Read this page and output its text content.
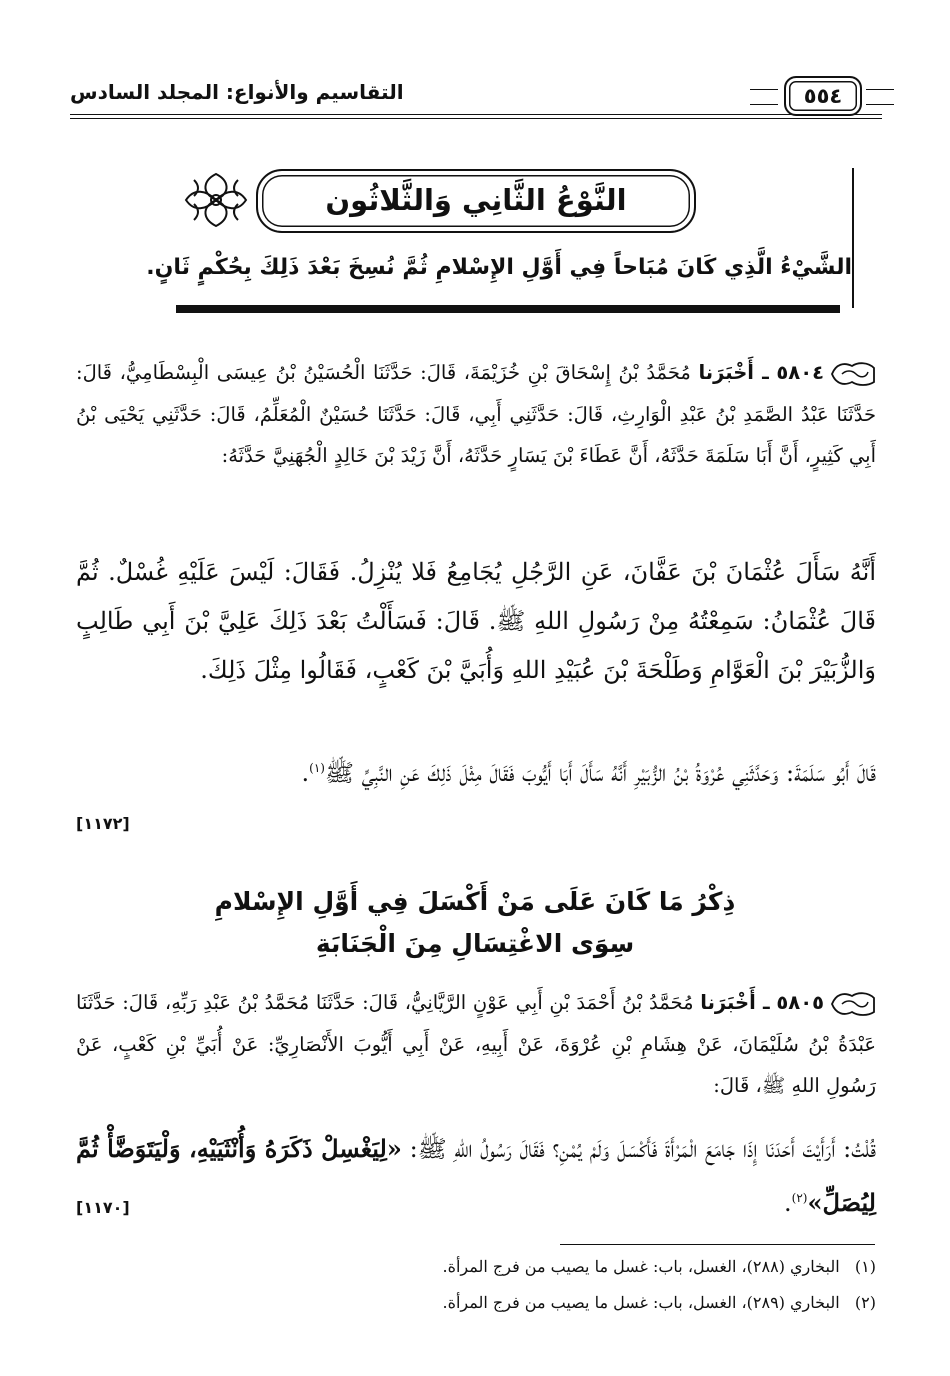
التقاسيم والأنواع: المجلد السادس	٥٥٤
النَّوْعُ الثَّانِي وَالثَّلاثُون
الشَّيْءُ الَّذِي كَانَ مُبَاحاً فِي أَوَّلِ الإِسْلامِ ثُمَّ نُسِخَ بَعْدَ ذَلِكَ بِحُكْمٍ ثَانٍ.
٥٨٠٤ ـ أَخْبَرَنا مُحَمَّدُ بْنُ إِسْحَاقَ بْنِ خُزَيْمَةَ، قَالَ: حَدَّثَنَا الْحُسَيْنُ بْنُ عِيسَى الْبِسْطَامِيُّ، قَالَ: حَدَّثَنَا عَبْدُ الصَّمَدِ بْنُ عَبْدِ الْوَارِثِ، قَالَ: حَدَّثَنِي أَبِي، قَالَ: حَدَّثَنَا حُسَيْنٌ الْمُعَلِّمُ، قَالَ: حَدَّثَنِي يَحْيَى بْنُ أَبِي كَثِيرٍ، أَنَّ أَبَا سَلَمَةَ حَدَّثَهُ، أَنَّ عَطَاءَ بْنَ يَسَارٍ حَدَّثَهُ، أَنَّ زَيْدَ بْنَ خَالِدٍ الْجُهَنِيَّ حَدَّثَهُ:
أَنَّهُ سَأَلَ عُثْمَانَ بْنَ عَفَّانَ، عَنِ الرَّجُلِ يُجَامِعُ فَلا يُنْزِلُ. فَقَالَ: لَيْسَ عَلَيْهِ غُسْلٌ. ثُمَّ قَالَ عُثْمَانُ: سَمِعْتُهُ مِنْ رَسُولِ اللهِ ﷺ. قَالَ: فَسَأَلْتُ بَعْدَ ذَلِكَ عَلِيَّ بْنَ أَبِي طَالِبٍ وَالزُّبَيْرَ بْنَ الْعَوَّامِ وَطَلْحَةَ بْنَ عُبَيْدِ اللهِ وَأُبَيَّ بْنَ كَعْبٍ، فَقَالُوا مِثْلَ ذَلِكَ.
قَالَ أَبُو سَلَمَةَ: وَحَدَّثَنِي عُرْوَةُ بْنُ الزُّبَيْرِ أَنَّهُ سَأَلَ أَبَا أَيُّوبَ فَقَالَ مِثْلَ ذَلِكَ عَنِ النَّبِيِّ ﷺ$^{(١)}$.
[١١٧٢]
ذِكْرُ مَا كَانَ عَلَى مَنْ أَكْسَلَ فِي أَوَّلِ الإِسْلامِ
سِوَى الاغْتِسَالِ مِنَ الْجَنَابَةِ
٥٨٠٥ ـ أَخْبَرَنا مُحَمَّدُ بْنُ أَحْمَدَ بْنِ أَبِي عَوْنٍ الرَّيَّانِيُّ، قَالَ: حَدَّثَنَا مُحَمَّدُ بْنُ عَبْدِ رَبِّهِ، قَالَ: حَدَّثَنَا عَبْدَةُ بْنُ سُلَيْمَانَ، عَنْ هِشَامِ بْنِ عُرْوَةَ، عَنْ أَبِيهِ، عَنْ أَبِي أَيُّوبَ الأَنْصَارِيِّ: عَنْ أُبَيِّ بْنِ كَعْبٍ، عَنْ رَسُولِ اللهِ ﷺ، قَالَ:
قُلْتُ: أَرَأَيْتَ أَحَدَنَا إِذَا جَامَعَ الْمَرْأَةَ فَأَكْسَلَ وَلَمْ يُمْنِ؟ فَقَالَ رَسُولُ اللهِ ﷺ: «لِيَغْسِلْ ذَكَرَهُ وَأُنْثَيَيْهِ، وَلْيَتَوَضَّأْ ثُمَّ لِيُصَلِّ»$^{(٢)}$.
[١١٧٠]
(١)   البخاري (٢٨٨)، الغسل، باب: غسل ما يصيب من فرج المرأة.
(٢)   البخاري (٢٨٩)، الغسل، باب: غسل ما يصيب من فرج المرأة.
